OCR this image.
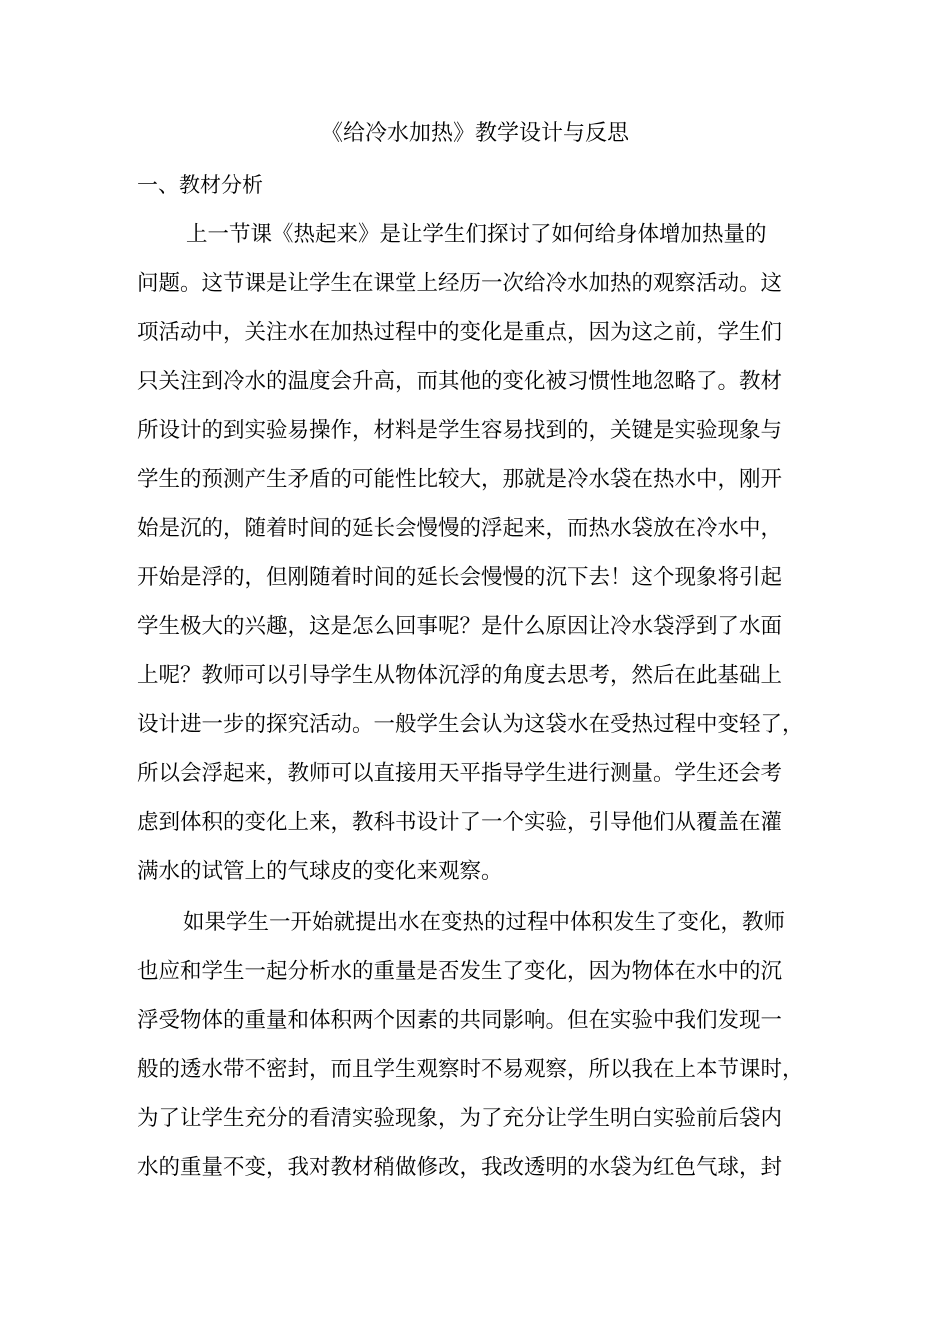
《给冷水加热》教学设计与反思
一、教材分析

上一节课《热起来》是让学生们探讨了如何给身体增加热量的
问题。这节课是让学生在课堂上经历一次给冷水加热的观察活动。这
项活动中，关注水在加热过程中的变化是重点，因为这之前，学生们
只关注到冷水的温度会升高，而其他的变化被习惯性地忽略了。教材
所设计的到实验易操作，材料是学生容易找到的，关键是实验现象与
学生的预测产生矛盾的可能性比较大，那就是冷水袋在热水中，刚开
始是沉的，随着时间的延长会慢慢的浮起来，而热水袋放在冷水中，
开始是浮的，但刚随着时间的延长会慢慢的沉下去！这个现象将引起
学生极大的兴趣，这是怎么回事呢？是什么原因让冷水袋浮到了水面
上呢？教师可以引导学生从物体沉浮的角度去思考，然后在此基础上
设计进一步的探究活动。一般学生会认为这袋水在受热过程中变轻了，
所以会浮起来，教师可以直接用天平指导学生进行测量。学生还会考
虑到体积的变化上来，教科书设计了一个实验，引导他们从覆盖在灌
满水的试管上的气球皮的变化来观察。

如果学生一开始就提出水在变热的过程中体积发生了变化，教师
也应和学生一起分析水的重量是否发生了变化，因为物体在水中的沉
浮受物体的重量和体积两个因素的共同影响。但在实验中我们发现一
般的透水带不密封，而且学生观察时不易观察，所以我在上本节课时，
为了让学生充分的看清实验现象，为了充分让学生明白实验前后袋内
水的重量不变，我对教材稍做修改，我改透明的水袋为红色气球，封
